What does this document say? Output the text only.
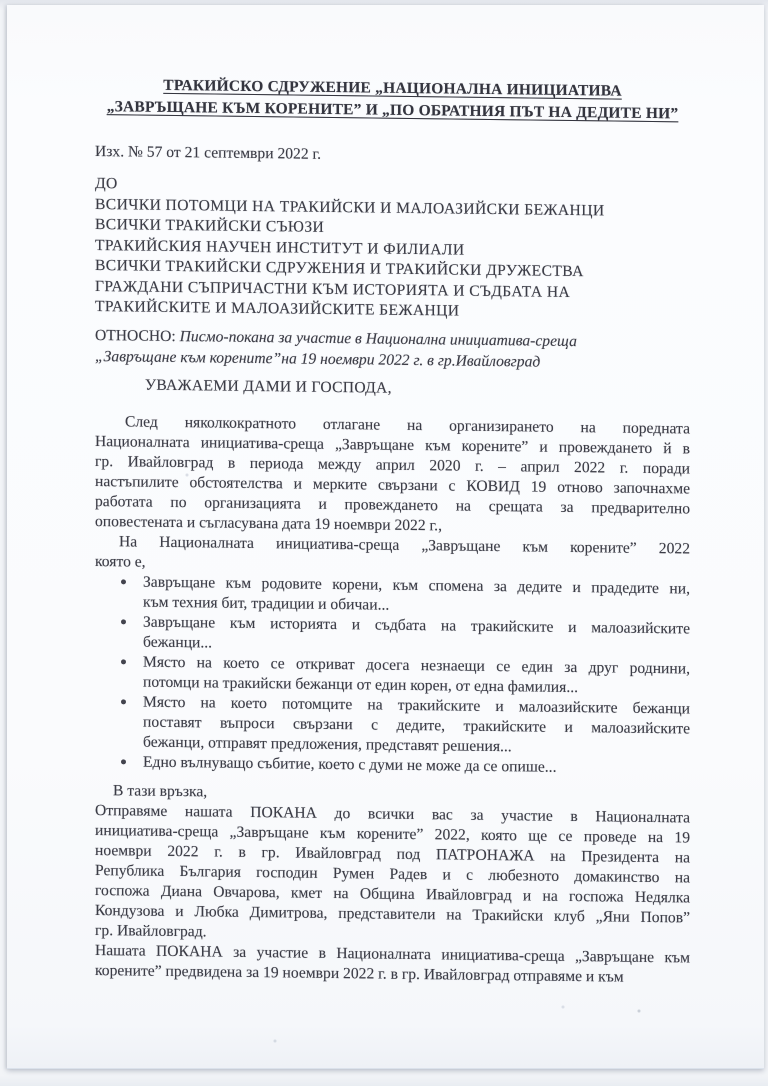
ТРАКИЙСКО СДРУЖЕНИЕ „НАЦИОНАЛНА ИНИЦИАТИВА
„ЗАВРЪЩАНЕ КЪМ КОРЕНИТЕ” И „ПО ОБРАТНИЯ ПЪТ НА ДЕДИТЕ НИ”
Изх. № 57 от 21 септември 2022 г.
ДО
ВСИЧКИ ПОТОМЦИ НА ТРАКИЙСКИ И МАЛОАЗИЙСКИ БЕЖАНЦИ
ВСИЧКИ ТРАКИЙСКИ СЪЮЗИ
ТРАКИЙСКИЯ НАУЧЕН ИНСТИТУТ И ФИЛИАЛИ
ВСИЧКИ ТРАКИЙСКИ СДРУЖЕНИЯ И ТРАКИЙСКИ ДРУЖЕСТВА
ГРАЖДАНИ СЪПРИЧАСТНИ КЪМ ИСТОРИЯТА И СЪДБАТА НА
ТРАКИЙСКИТЕ И МАЛОАЗИЙСКИТЕ БЕЖАНЦИ
ОТНОСНО: Писмо-покана за участие в Национална инициатива-среща
„Завръщане към корените”на 19 ноември 2022 г. в гр.Ивайловград
УВАЖАЕМИ ДАМИ И ГОСПОДА,
След няколкократното отлагане на организирането на поредната
Националната инициатива-среща „Завръщане към корените” и провеждането й в
гр. Ивайловград в периода между април 2020 г. – април 2022 г. поради
настъпилите обстоятелства и мерките свързани с КОВИД 19 отново започнахме
работата по организацията и провеждането на срещата за предварително
оповестената и съгласувана дата 19 ноември 2022 г.,
На Националната инициатива-среща „Завръщане към корените” 2022
която е,
Завръщане към родовите корени, към спомена за дедите и прадедите ни,
към техния бит, традиции и обичаи...
Завръщане към историята и съдбата на тракийските и малоазийските
бежанци...
Място на което се откриват досега незнаещи се един за друг роднини,
потомци на тракийски бежанци от един корен, от една фамилия...
Място на което потомците на тракийските и малоазийските бежанци
поставят въпроси свързани с дедите, тракийските и малоазийските
бежанци, отправят предложения, представят решения...
Едно вълнуващо събитие, което с думи не може да се опише...
В тази връзка,
Отправяме нашата ПОКАНА до всички вас за участие в Националната
инициатива-среща „Завръщане към корените” 2022, която ще се проведе на 19
ноември 2022 г. в гр. Ивайловград под ПАТРОНАЖА на Президента на
Република България господин Румен Радев и с любезното домакинство на
госпожа Диана Овчарова, кмет на Община Ивайловград и на госпожа Недялка
Кондузова и Любка Димитрова, представители на Тракийски клуб „Яни Попов”
гр. Ивайловград.
Нашата ПОКАНА за участие в Националната инициатива-среща „Завръщане към
корените” предвидена за 19 ноември 2022 г. в гр. Ивайловград отправяме и към
